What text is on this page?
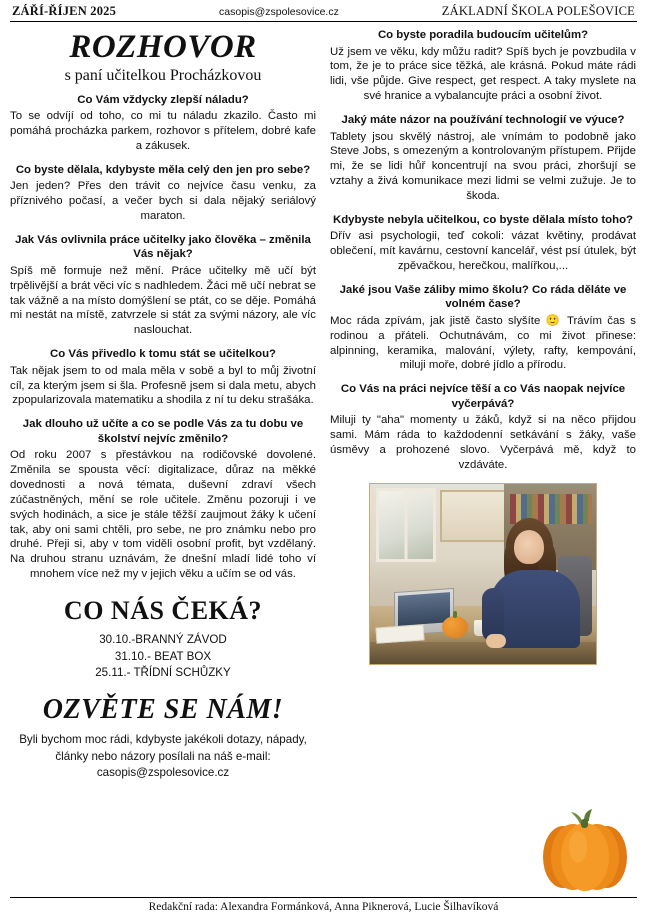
ZÁŘÍ-ŘÍJEN 2025	casopis@zspolesovice.cz	ZÁKLADNÍ ŠKOLA POLEŠOVICE
ROZHOVOR
s paní učitelkou Procházkovou
Co Vám vždycky zlepší náladu?
To se odvíjí od toho, co mi tu náladu zkazilo. Často mi pomáhá procházka parkem, rozhovor s přítelem, dobré kafe a zákusek.
Co byste dělala, kdybyste měla celý den jen pro sebe?
Jen jeden? Přes den trávit co nejvíce času venku, za příznivého počasí, a večer bych si dala nějaký seriálový maraton.
Jak Vás ovlivnila práce učitelky jako člověka – změnila Vás nějak?
Spíš mě formuje než mění. Práce učitelky mě učí být trpělivější a brát věci víc s nadhledem. Žáci mě učí nebrat se tak vážně a na místo domýšlení se ptát, co se děje. Pomáhá mi nestát na místě, zatvrzele si stát za svými názory, ale víc naslouchat.
Co Vás přivedlo k tomu stát se učitelkou?
Tak nějak jsem to od mala měla v sobě a byl to můj životní cíl, za kterým jsem si šla. Profesně jsem si dala metu, abych zpopularizovala matematiku a shodila z ní tu deku strašáka.
Jak dlouho už učíte a co se podle Vás za tu dobu ve školství nejvíc změnilo?
Od roku 2007 s přestávkou na rodičovské dovolené. Změnila se spousta věcí: digitalizace, důraz na měkké dovednosti a nová témata, duševní zdraví všech zúčastněných, mění se role učitele. Změnu pozoruji i ve svých hodinách, a sice je stále těžší zaujmout žáky k učení tak, aby oni sami chtěli, pro sebe, ne pro známku nebo pro druhé. Přeji si, aby v tom viděli osobní profit, byt vzdělaný. Na druhou stranu uznávám, že dnešní mladí lidé toho ví mnohem více než my v jejich věku a učím se od vás.
CO NÁS ČEKÁ?
30.10.-BRANNÝ ZÁVOD
31.10.- BEAT BOX
25.11.- TŘÍDNÍ SCHŮZKY
OZVĚTE SE NÁM!
Byli bychom moc rádi, kdybyste jakékoli dotazy, nápady, články nebo názory posílali na náš e-mail: casopis@zspolesovice.cz
Co byste poradila budoucím učitelům?
Už jsem ve věku, kdy můžu radit? Spíš bych je povzbudila v tom, že je to práce sice těžká, ale krásná. Pokud máte rádi lidi, vše půjde. Give respect, get respect. A taky myslete na své hranice a vybalancujte práci a osobní život.
Jaký máte názor na používání technologií ve výuce?
Tablety jsou skvělý nástroj, ale vnímám to podobně jako Steve Jobs, s omezeným a kontrolovaným přístupem. Přijde mi, že se lidi hůř koncentrují na svou práci, zhoršují se vztahy a živá komunikace mezi lidmi se velmi zužuje. Je to škoda.
Kdybyste nebyla učitelkou, co byste dělala místo toho?
Dřív asi psychologii, teď cokoli: vázat květiny, prodávat oblečení, mít kavárnu, cestovní kancelář, vést psí útulek, být zpěvačkou, herečkou, malířkou,...
Jaké jsou Vaše záliby mimo školu? Co ráda děláte ve volném čase?
Moc ráda zpívám, jak jistě často slyšíte 🙂 Trávím čas s rodinou a přáteli. Ochutnávám, co mi život přinese: alpinning, keramika, malování, výlety, rafty, kempování, miluji moře, dobré jídlo a přírodu.
Co Vás na práci nejvíce těší a co Vás naopak nejvíce vyčerpává?
Miluji ty "aha" momenty u žáků, když si na něco přijdou sami. Mám ráda to každodenní setkávání s žáky, vaše úsměvy a prohozené slovo. Vyčerpává mě, když to vzdáváte.
Redakční rada: Alexandra Formánková, Anna Piknerová, Lucie Šilhavíková
